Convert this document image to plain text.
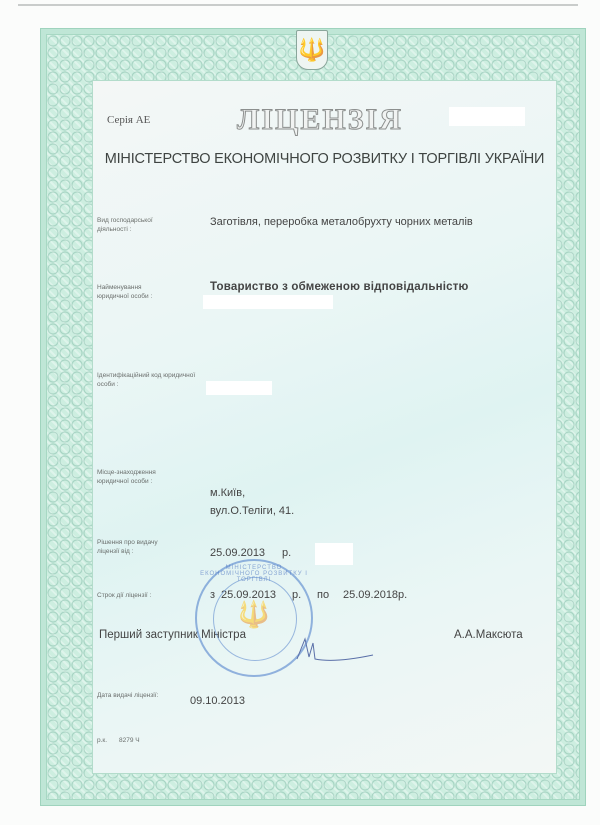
🔱
Серія АЕ	ЛІЦЕНЗІЯ
МІНІСТЕРСТВО ЕКОНОМІЧНОГО РОЗВИТКУ І ТОРГІВЛІ УКРАЇНИ
Вид господарської діяльності :
Заготівля, переробка металобрухту чорних металів
Найменування юридичної особи :
Товариство з обмеженою відповідальністю
Ідентифікаційний код юридичної особи :
Місце-знаходження юридичної особи :
м.Київ,
вул.О.Теліги, 41.
Рішення про видачу ліцензії від :	25.09.2013 р.
Строк дії ліцензії :	з 25.09.2013 р. по 25.09.2018р.
Перший заступник Міністра	А.А.Максюта
МІНІСТЕРСТВО ЕКОНОМІЧНОГО РОЗВИТКУ І ТОРГІВЛІ
🔱
Дата видачі ліцензії:	09.10.2013
р.к. 8279 Ч
